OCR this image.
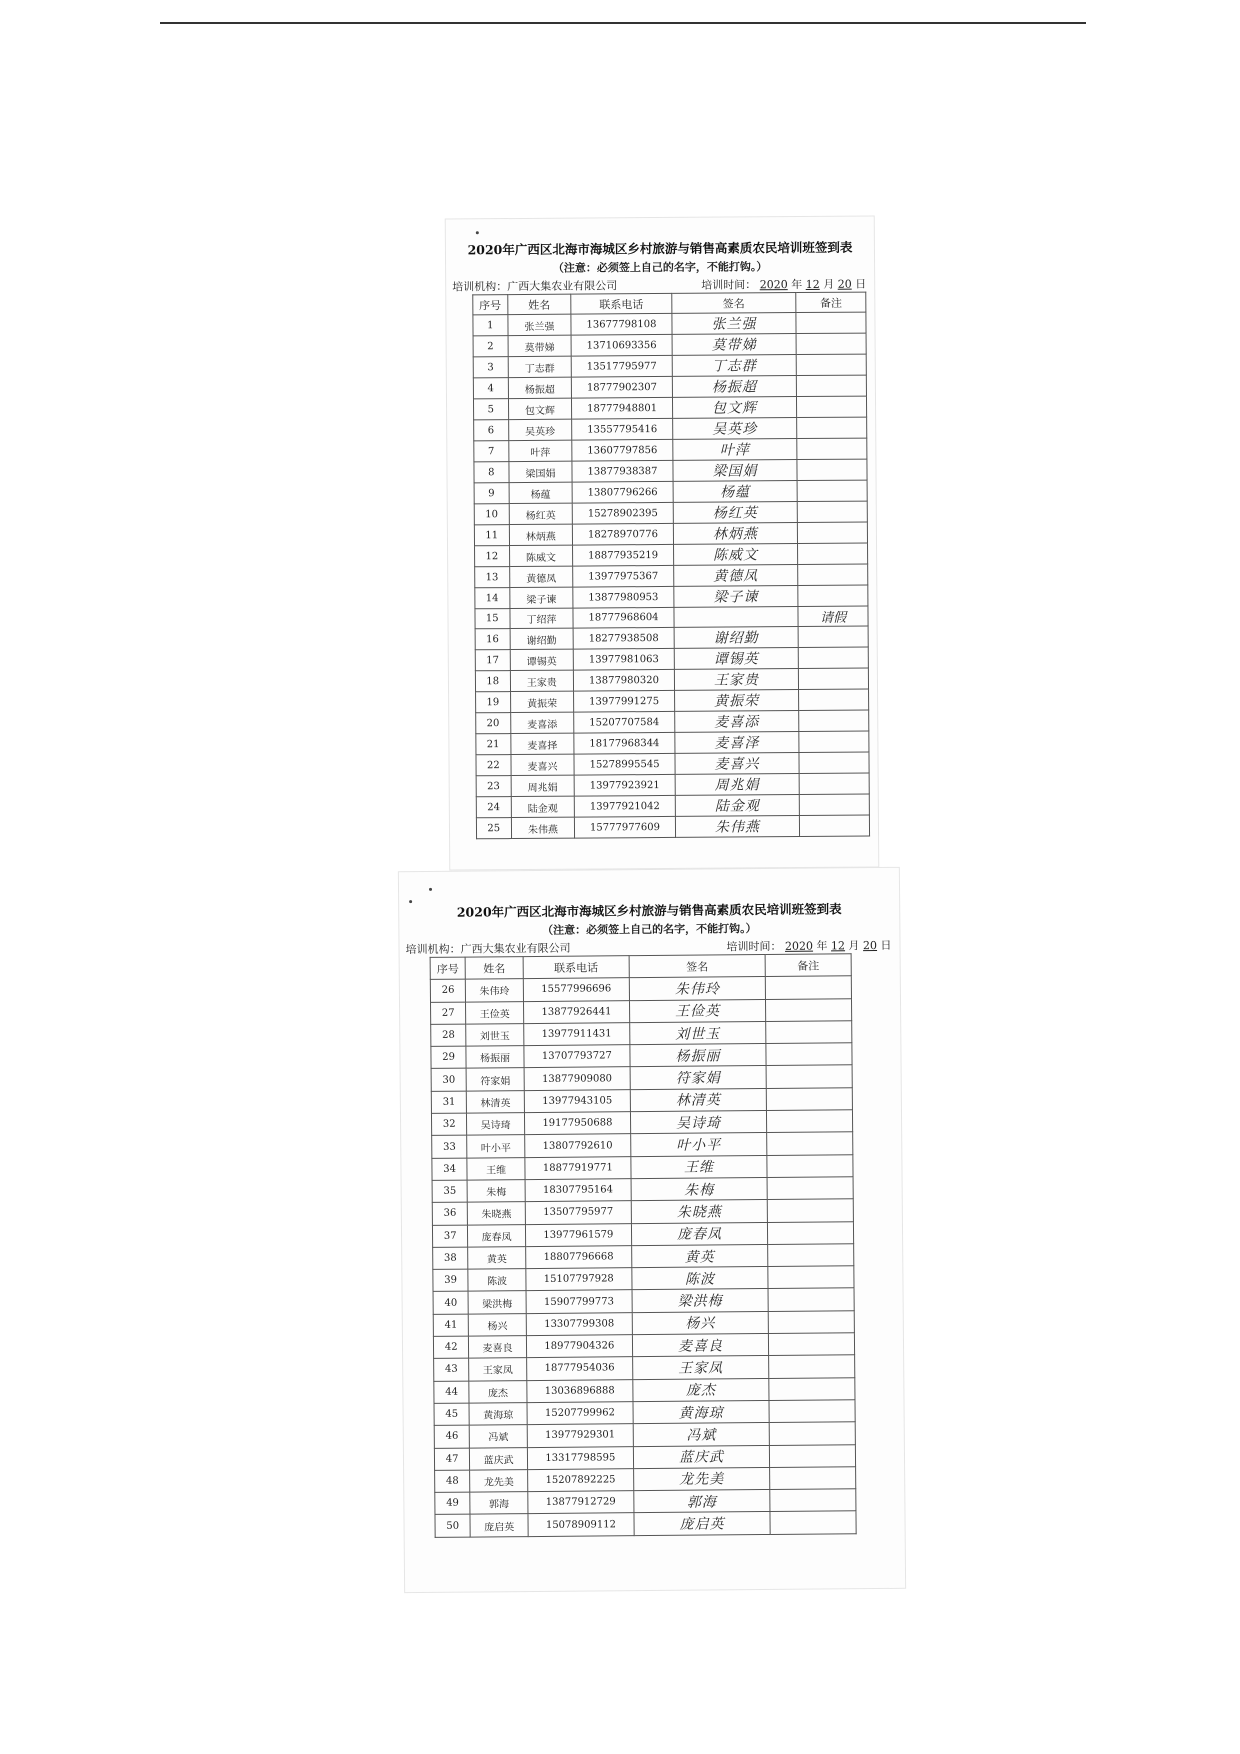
2020年广西区北海市海城区乡村旅游与销售高素质农民培训班签到表
（注意：必须签上自己的名字，不能打钩。）
培训机构：广西大集农业有限公司	培训时间： 2020 年 12 月 20 日
序号	姓名	联系电话	签名	备注
1	张兰强	13677798108	张兰强	
2	莫带娣	13710693356	莫带娣	
3	丁志群	13517795977	丁志群	
4	杨振超	18777902307	杨振超	
5	包文辉	18777948801	包文辉	
6	吴英珍	13557795416	吴英珍	
7	叶萍	13607797856	叶萍	
8	梁国娟	13877938387	梁国娟	
9	杨蕴	13807796266	杨蕴	
10	杨红英	15278902395	杨红英	
11	林炳燕	18278970776	林炳燕	
12	陈威文	18877935219	陈威文	
13	黄德凤	13977975367	黄德凤	
14	梁子谏	13877980953	梁子谏	
15	丁绍萍	18777968604		请假
16	谢绍勤	18277938508	谢绍勤	
17	谭锡英	13977981063	谭锡英	
18	王家贵	13877980320	王家贵	
19	黄振荣	13977991275	黄振荣	
20	麦喜添	15207707584	麦喜添	
21	麦喜择	18177968344	麦喜泽	
22	麦喜兴	15278995545	麦喜兴	
23	周兆娟	13977923921	周兆娟	
24	陆金观	13977921042	陆金观	
25	朱伟燕	15777977609	朱伟燕	
2020年广西区北海市海城区乡村旅游与销售高素质农民培训班签到表
（注意：必须签上自己的名字，不能打钩。）
培训机构：广西大集农业有限公司	培训时间： 2020 年 12 月 20 日
序号	姓名	联系电话	签名	备注
26	朱伟玲	15577996696	朱伟玲	
27	王俭英	13877926441	王俭英	
28	刘世玉	13977911431	刘世玉	
29	杨振丽	13707793727	杨振丽	
30	符家娟	13877909080	符家娟	
31	林清英	13977943105	林清英	
32	吴诗琦	19177950688	吴诗琦	
33	叶小平	13807792610	叶小平	
34	王维	18877919771	王维	
35	朱梅	18307795164	朱梅	
36	朱晓燕	13507795977	朱晓燕	
37	庞春凤	13977961579	庞春凤	
38	黄英	18807796668	黄英	
39	陈波	15107797928	陈波	
40	梁洪梅	15907799773	梁洪梅	
41	杨兴	13307799308	杨兴	
42	麦喜良	18977904326	麦喜良	
43	王家凤	18777954036	王家凤	
44	庞杰	13036896888	庞杰	
45	黄海琼	15207799962	黄海琼	
46	冯斌	13977929301	冯斌	
47	蓝庆武	13317798595	蓝庆武	
48	龙先美	15207892225	龙先美	
49	郭海	13877912729	郭海	
50	庞启英	15078909112	庞启英	
